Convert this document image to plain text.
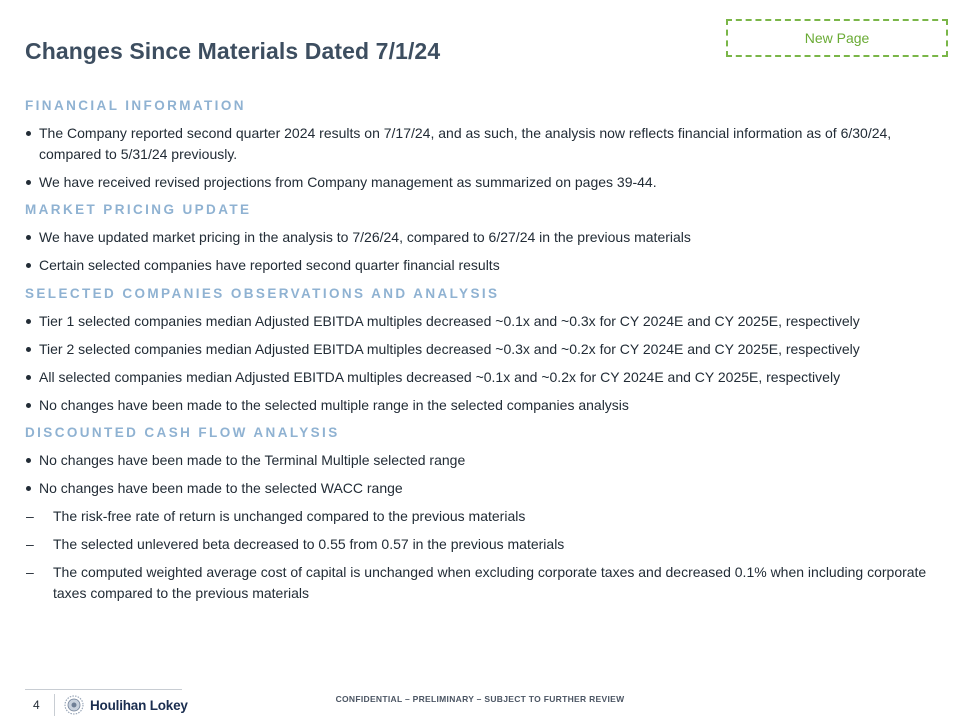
New Page
Changes Since Materials Dated 7/1/24
FINANCIAL INFORMATION
The Company reported second quarter 2024 results on 7/17/24, and as such, the analysis now reflects financial information as of 6/30/24, compared to 5/31/24 previously.
We have received revised projections from Company management as summarized on pages 39-44.
MARKET PRICING UPDATE
We have updated market pricing in the analysis to 7/26/24, compared to 6/27/24 in the previous materials
Certain selected companies have reported second quarter financial results
SELECTED COMPANIES OBSERVATIONS AND ANALYSIS
Tier 1 selected companies median Adjusted EBITDA multiples decreased ~0.1x and ~0.3x for CY 2024E and CY 2025E, respectively
Tier 2 selected companies median Adjusted EBITDA multiples decreased ~0.3x and ~0.2x for CY 2024E and CY 2025E, respectively
All selected companies median Adjusted EBITDA multiples decreased ~0.1x and ~0.2x for CY 2024E and CY 2025E, respectively
No changes have been made to the selected multiple range in the selected companies analysis
DISCOUNTED CASH FLOW ANALYSIS
No changes have been made to the Terminal Multiple selected range
No changes have been made to the selected WACC range
– The risk-free rate of return is unchanged compared to the previous materials
– The selected unlevered beta decreased to 0.55 from 0.57 in the previous materials
– The computed weighted average cost of capital is unchanged when excluding corporate taxes and decreased 0.1% when including corporate taxes compared to the previous materials
4	Houlihan Lokey	CONFIDENTIAL – PRELIMINARY – SUBJECT TO FURTHER REVIEW
